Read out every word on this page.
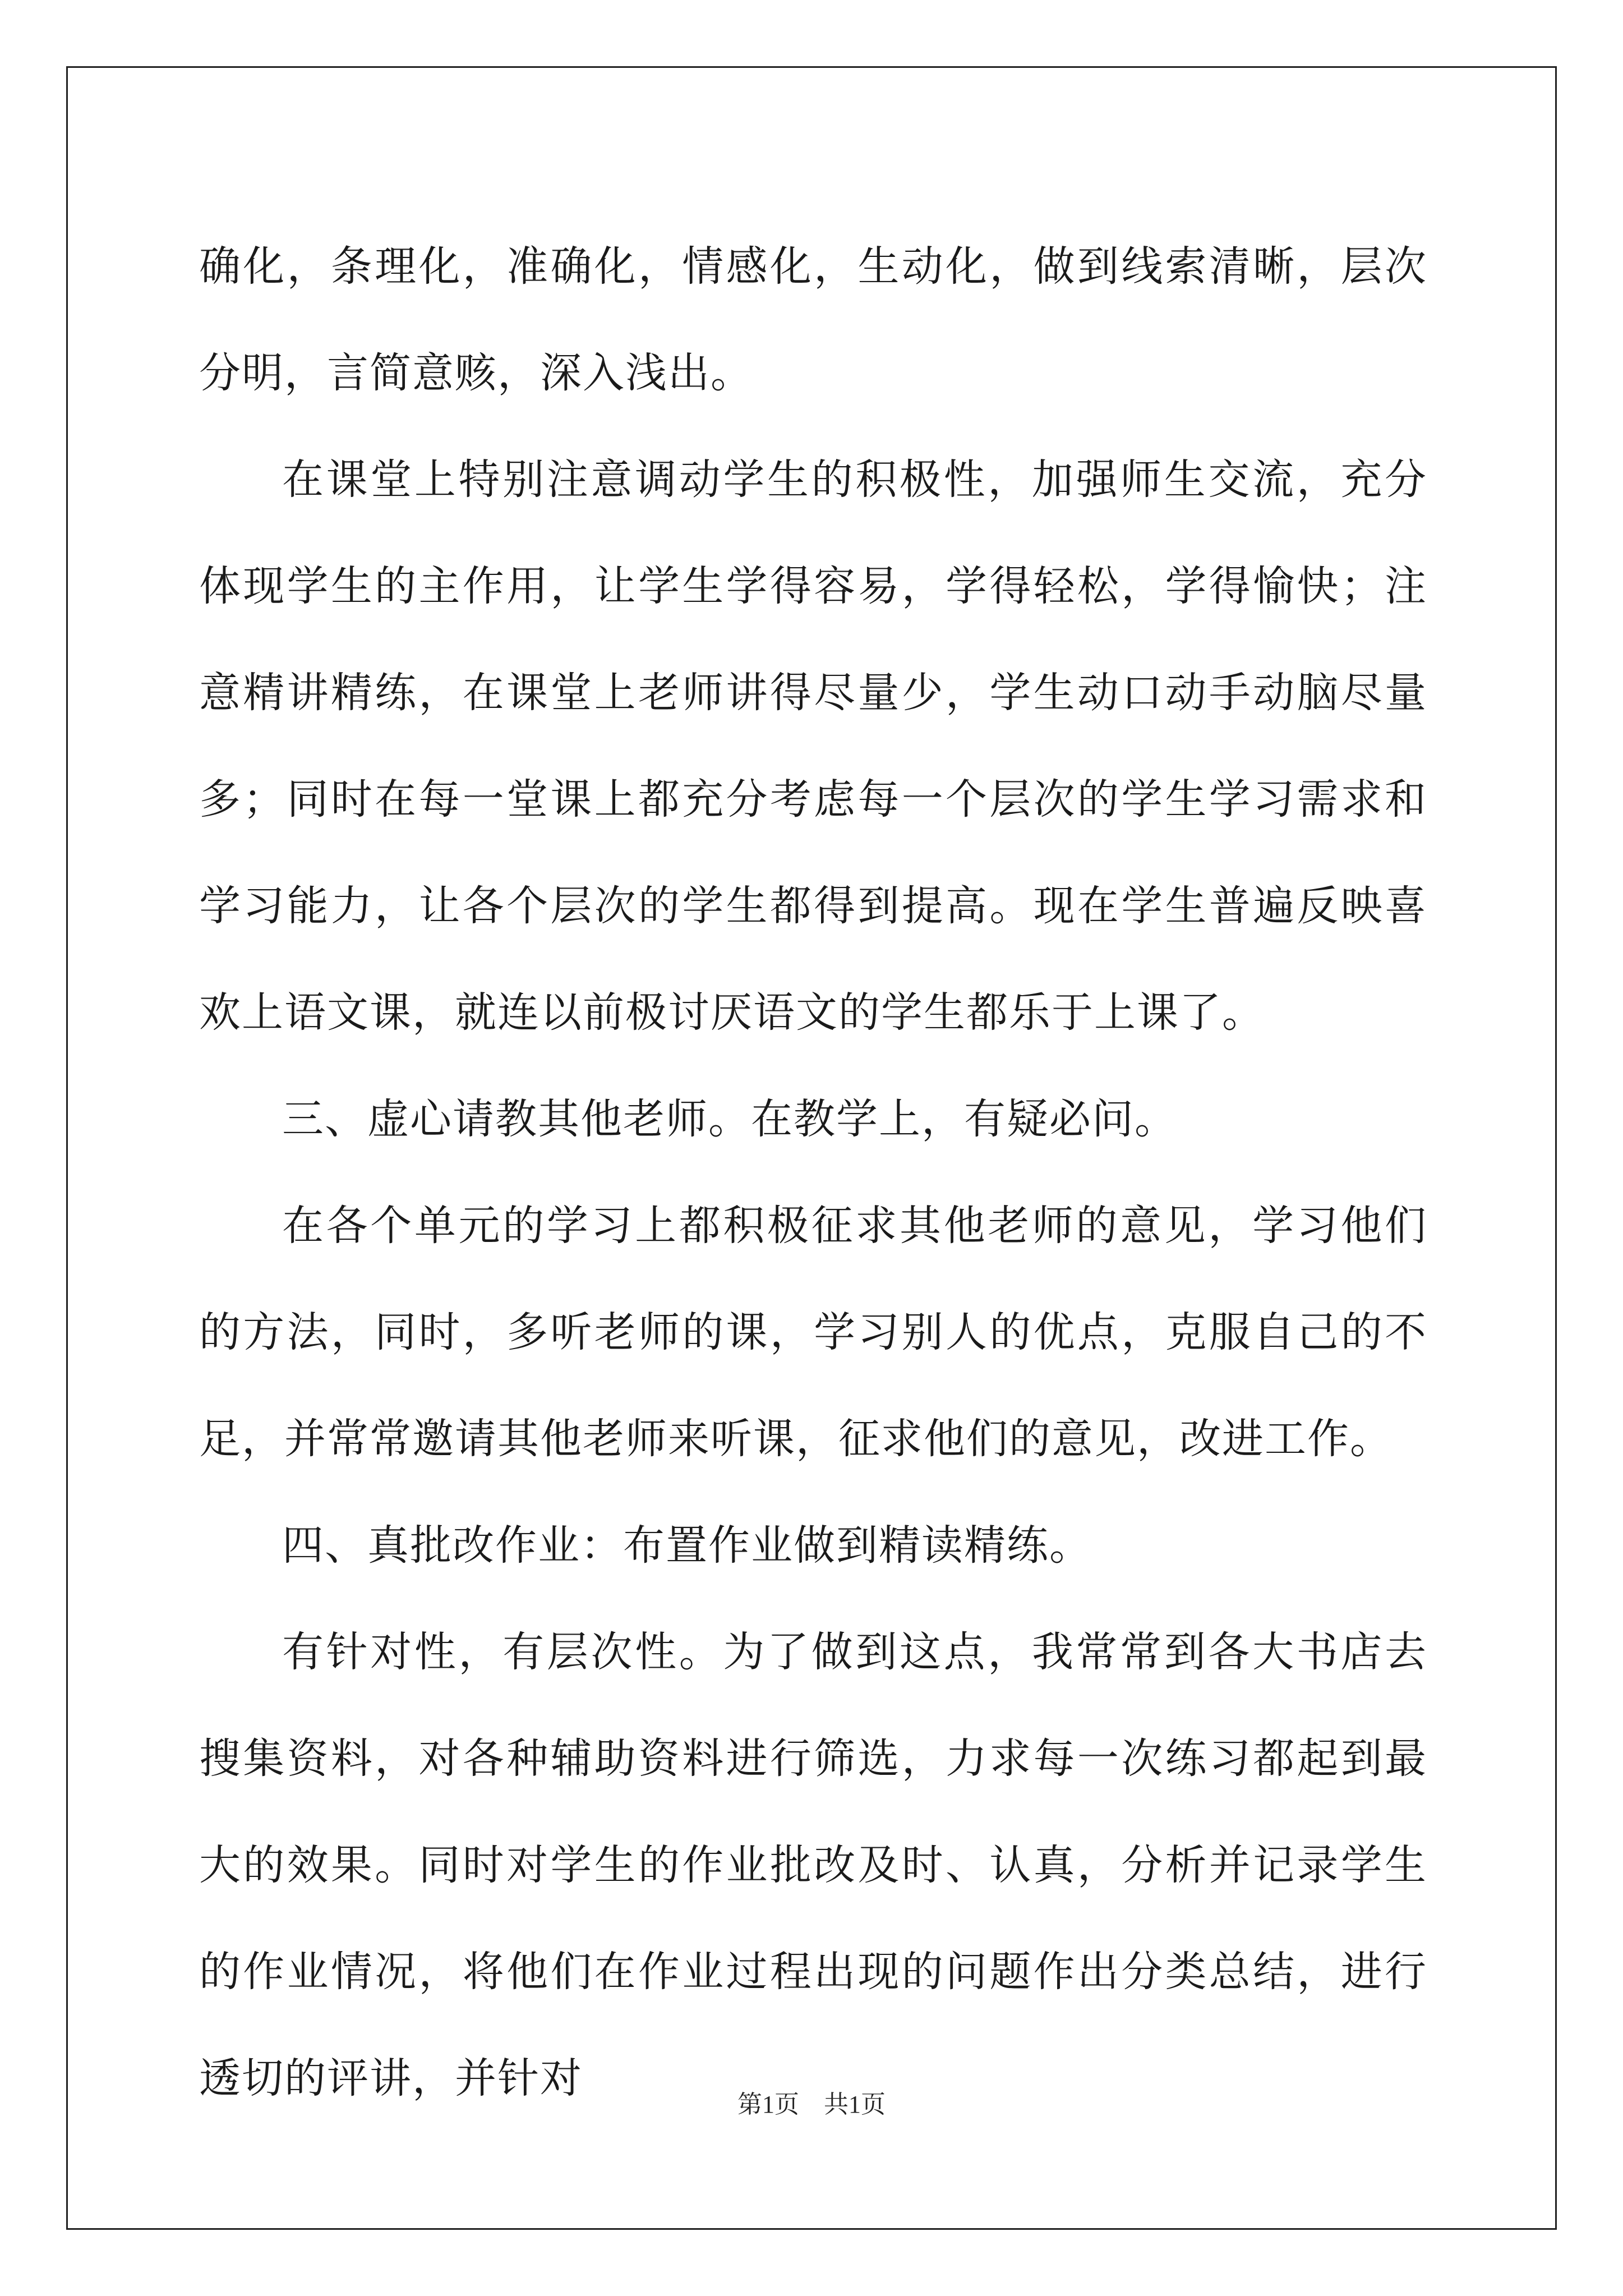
确化，条理化，准确化，情感化，生动化，做到线索清晰，层次分明，言简意赅，深入浅出。

在课堂上特别注意调动学生的积极性，加强师生交流，充分体现学生的主作用，让学生学得容易，学得轻松，学得愉快；注意精讲精练，在课堂上老师讲得尽量少，学生动口动手动脑尽量多；同时在每一堂课上都充分考虑每一个层次的学生学习需求和学习能力，让各个层次的学生都得到提高。现在学生普遍反映喜欢上语文课，就连以前极讨厌语文的学生都乐于上课了。

三、虚心请教其他老师。在教学上，有疑必问。

在各个单元的学习上都积极征求其他老师的意见，学习他们的方法，同时，多听老师的课，学习别人的优点，克服自己的不足，并常常邀请其他老师来听课，征求他们的意见，改进工作。

四、真批改作业：布置作业做到精读精练。

有针对性，有层次性。为了做到这点，我常常到各大书店去搜集资料，对各种辅助资料进行筛选，力求每一次练习都起到最大的效果。同时对学生的作业批改及时、认真，分析并记录学生的作业情况，将他们在作业过程出现的问题作出分类总结，进行透切的评讲，并针对

第1页　共1页
